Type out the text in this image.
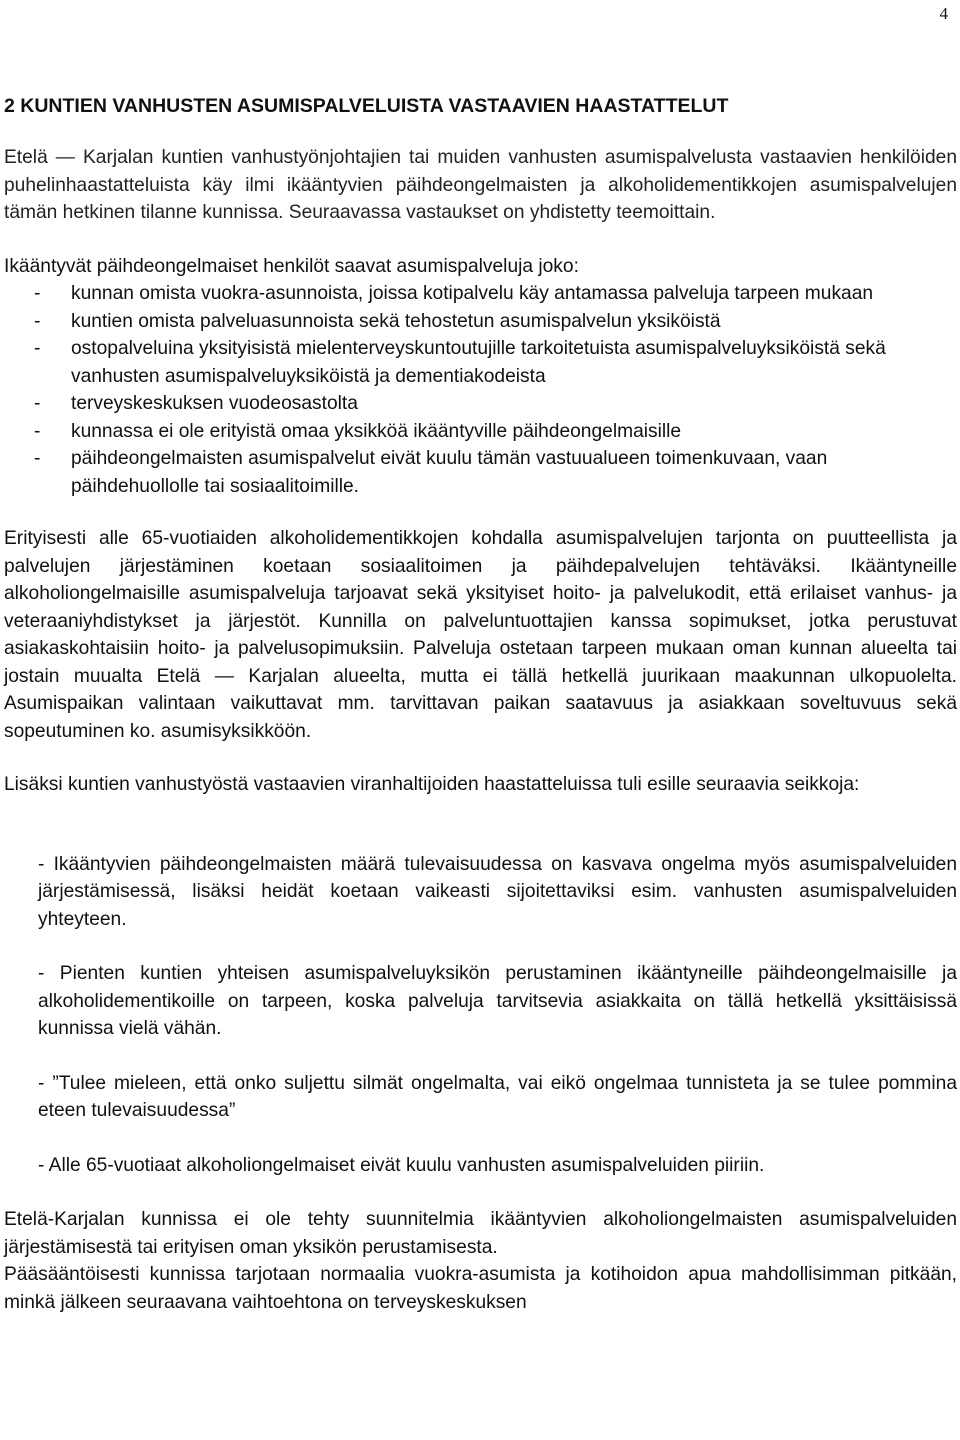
4
2 KUNTIEN VANHUSTEN ASUMISPALVELUISTA VASTAAVIEN HAASTATTELUT

Etelä — Karjalan kuntien vanhustyönjohtajien tai muiden vanhusten asumispalvelusta vastaavien henkilöiden puhelinhaastatteluista käy ilmi ikääntyvien päihdeongelmaisten ja alkoholidementikkojen asumispalvelujen tämän hetkinen tilanne kunnissa. Seuraavassa vastaukset on yhdistetty teemoittain.

Ikääntyvät päihdeongelmaiset henkilöt saavat asumispalveluja joko:

- kunnan omista vuokra-asunnoista, joissa kotipalvelu käy antamassa palveluja tarpeen mukaan
- kuntien omista palveluasunnoista sekä tehostetun asumispalvelun yksiköistä
- ostopalveluina yksityisistä mielenterveyskuntoutujille tarkoitetuista asumispalveluyksiköistä sekä vanhusten asumispalveluyksiköistä ja dementiakodeista
- terveyskeskuksen vuodeosastolta
- kunnassa ei ole erityistä omaa yksikköä ikääntyville päihdeongelmaisille
- päihdeongelmaisten asumispalvelut eivät kuulu tämän vastuualueen toimenkuvaan, vaan päihdehuollolle tai sosiaalitoimille.

Erityisesti alle 65-vuotiaiden alkoholidementikkojen kohdalla asumispalvelujen tarjonta on puutteellista ja palvelujen järjestäminen koetaan sosiaalitoimen ja päihdepalvelujen tehtäväksi. Ikääntyneille alkoholiongelmaisille asumispalveluja tarjoavat sekä yksityiset hoito- ja palvelukodit, että erilaiset vanhus- ja veteraaniyhdistykset ja järjestöt. Kunnilla on palveluntuottajien kanssa sopimukset, jotka perustuvat asiakaskohtaisiin hoito- ja palvelusopimuksiin. Palveluja ostetaan tarpeen mukaan oman kunnan alueelta tai jostain muualta Etelä — Karjalan alueelta, mutta ei tällä hetkellä juurikaan maakunnan ulkopuolelta. Asumispaikan valintaan vaikuttavat mm. tarvittavan paikan saatavuus ja asiakkaan soveltuvuus sekä sopeutuminen ko. asumisyksikköön.

Lisäksi kuntien vanhustyöstä vastaavien viranhaltijoiden haastatteluissa tuli esille seuraavia seikkoja:

- Ikääntyvien päihdeongelmaisten määrä tulevaisuudessa on kasvava ongelma myös asumispalveluiden järjestämisessä, lisäksi heidät koetaan vaikeasti sijoitettaviksi esim. vanhusten asumispalveluiden yhteyteen.

- Pienten kuntien yhteisen asumispalveluyksikön perustaminen ikääntyneille päihdeongelmaisille ja alkoholidementikoille on tarpeen, koska palveluja tarvitsevia asiakkaita on tällä hetkellä yksittäisissä kunnissa vielä vähän.

- ”Tulee mieleen, että onko suljettu silmät ongelmalta, vai eikö ongelmaa tunnisteta ja se tulee pommina eteen tulevaisuudessa”

- Alle 65-vuotiaat alkoholiongelmaiset eivät kuulu vanhusten asumispalveluiden piiriin.

Etelä-Karjalan kunnissa ei ole tehty suunnitelmia ikääntyvien alkoholiongelmaisten asumispalveluiden järjestämisestä tai erityisen oman yksikön perustamisesta.

Pääsääntöisesti kunnissa tarjotaan normaalia vuokra-asumista ja kotihoidon apua mahdollisimman pitkään, minkä jälkeen seuraavana vaihtoehtona on terveyskeskuksen
